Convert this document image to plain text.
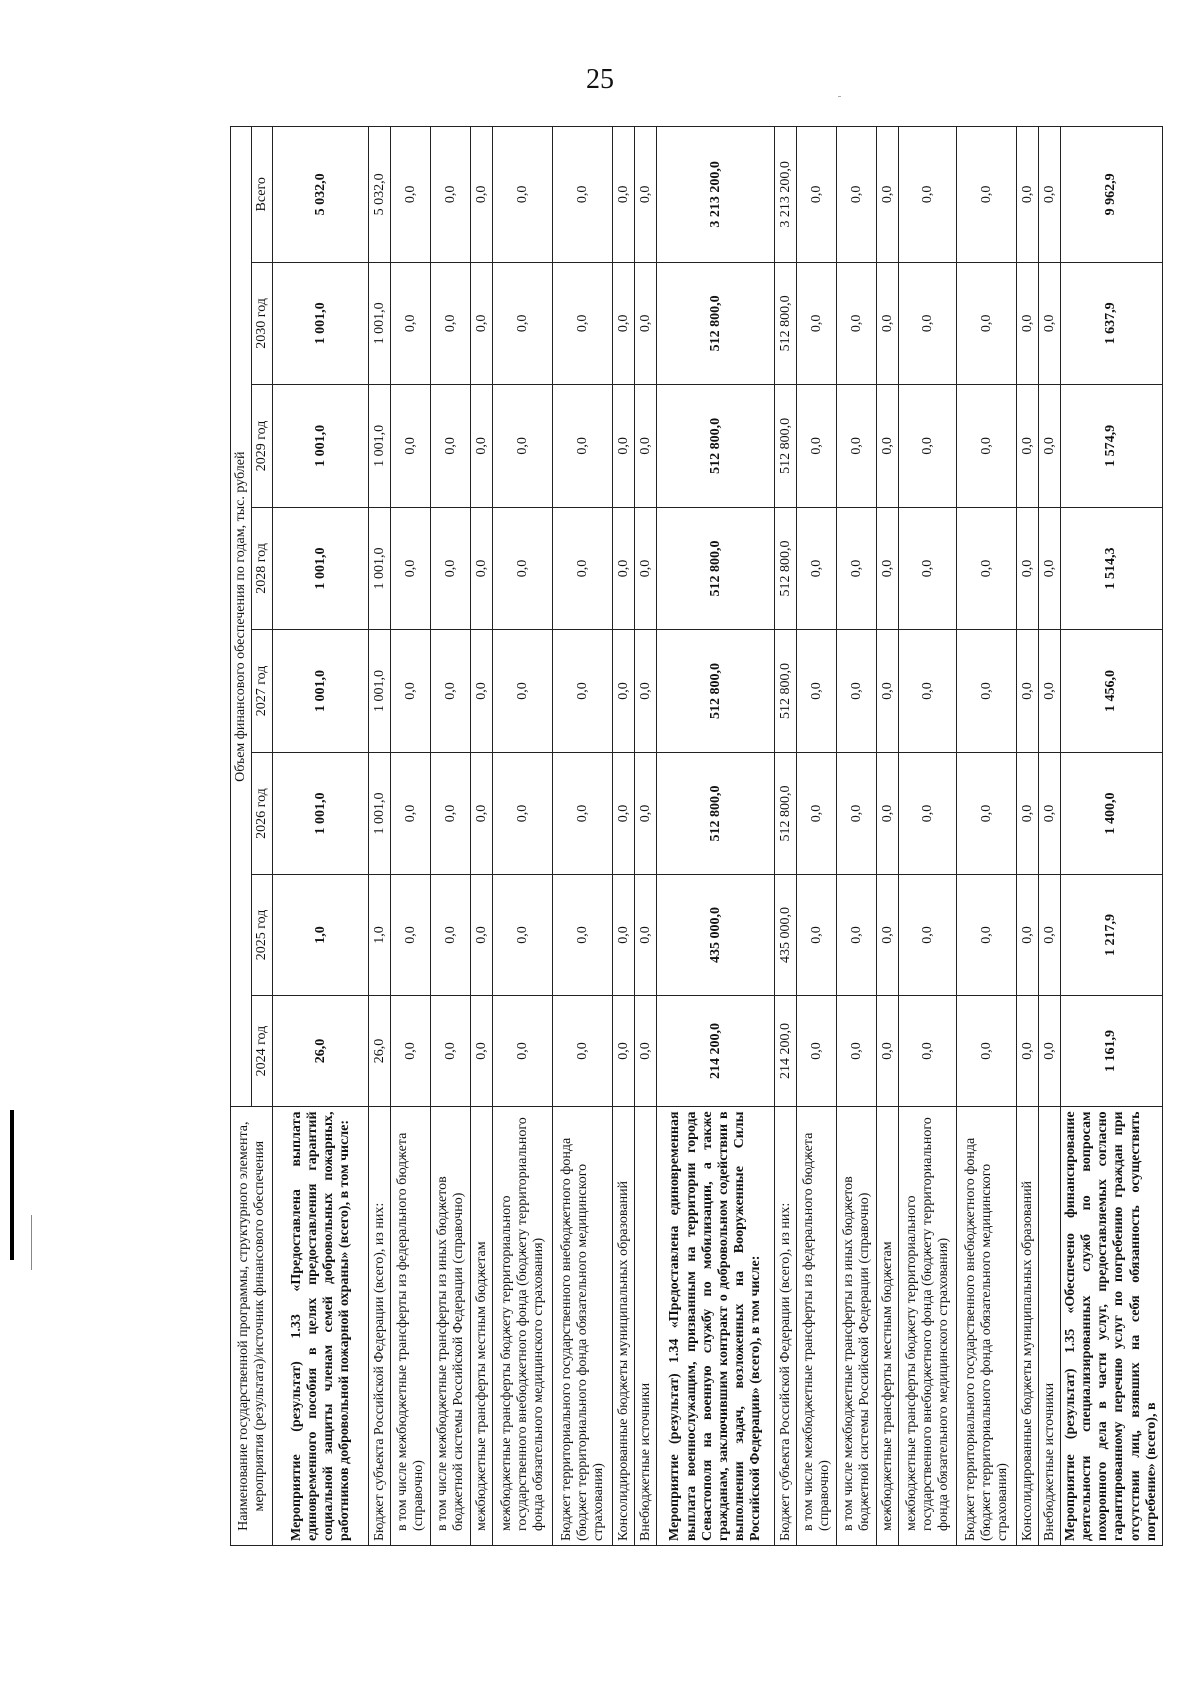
25
Наименование государственной программы, структурного элемента, мероприятия (результата)/источник финансового обеспечения	Объем финансового обеспечения по годам, тыс. рублей							
	2024 год	2025 год	2026 год	2027 год	2028 год	2029 год	2030 год	Всего
Мероприятие (результат) 1.33 «Предоставлена выплата единовременного пособия в целях предоставления гарантий социальной защиты членам семей добровольных пожарных, работников добровольной пожарной охраны» (всего), в том числе:	26,0	1,0	1 001,0	1 001,0	1 001,0	1 001,0	1 001,0	5 032,0
Бюджет субъекта Российской Федерации (всего), из них:	26,0	1,0	1 001,0	1 001,0	1 001,0	1 001,0	1 001,0	5 032,0
в том числе межбюджетные трансферты из федерального бюджета (справочно)	0,0	0,0	0,0	0,0	0,0	0,0	0,0	0,0
в том числе межбюджетные трансферты из иных бюджетов бюджетной системы Российской Федерации (справочно)	0,0	0,0	0,0	0,0	0,0	0,0	0,0	0,0
межбюджетные трансферты местным бюджетам	0,0	0,0	0,0	0,0	0,0	0,0	0,0	0,0
межбюджетные трансферты бюджету территориального государственного внебюджетного фонда (бюджету территориального фонда обязательного медицинского страхования)	0,0	0,0	0,0	0,0	0,0	0,0	0,0	0,0
Бюджет территориального государственного внебюджетного фонда (бюджет территориального фонда обязательного медицинского страхования)	0,0	0,0	0,0	0,0	0,0	0,0	0,0	0,0
Консолидированные бюджеты муниципальных образований	0,0	0,0	0,0	0,0	0,0	0,0	0,0	0,0
Внебюджетные источники	0,0	0,0	0,0	0,0	0,0	0,0	0,0	0,0
Мероприятие (результат) 1.34 «Предоставлена единовременная выплата военнослужащим, призванным на территории города Севастополя на военную службу по мобилизации, а также гражданам, заключившим контракт о добровольном содействии в выполнении задач, возложенных на Вооруженные Силы Российской Федерации» (всего), в том числе:	214 200,0	435 000,0	512 800,0	512 800,0	512 800,0	512 800,0	512 800,0	3 213 200,0
Бюджет субъекта Российской Федерации (всего), из них:	214 200,0	435 000,0	512 800,0	512 800,0	512 800,0	512 800,0	512 800,0	3 213 200,0
в том числе межбюджетные трансферты из федерального бюджета (справочно)	0,0	0,0	0,0	0,0	0,0	0,0	0,0	0,0
в том числе межбюджетные трансферты из иных бюджетов бюджетной системы Российской Федерации (справочно)	0,0	0,0	0,0	0,0	0,0	0,0	0,0	0,0
межбюджетные трансферты местным бюджетам	0,0	0,0	0,0	0,0	0,0	0,0	0,0	0,0
межбюджетные трансферты бюджету территориального государственного внебюджетного фонда (бюджету территориального фонда обязательного медицинского страхования)	0,0	0,0	0,0	0,0	0,0	0,0	0,0	0,0
Бюджет территориального государственного внебюджетного фонда (бюджет территориального фонда обязательного медицинского страхования)	0,0	0,0	0,0	0,0	0,0	0,0	0,0	0,0
Консолидированные бюджеты муниципальных образований	0,0	0,0	0,0	0,0	0,0	0,0	0,0	0,0
Внебюджетные источники	0,0	0,0	0,0	0,0	0,0	0,0	0,0	0,0
Мероприятие (результат) 1.35 «Обеспечено финансирование деятельности специализированных служб по вопросам похоронного дела в части услуг, предоставляемых согласно гарантированному перечню услуг по погребению граждан при отсутствии лиц, взявших на себя обязанность осуществить погребение» (всего), в	1 161,9	1 217,9	1 400,0	1 456,0	1 514,3	1 574,9	1 637,9	9 962,9
